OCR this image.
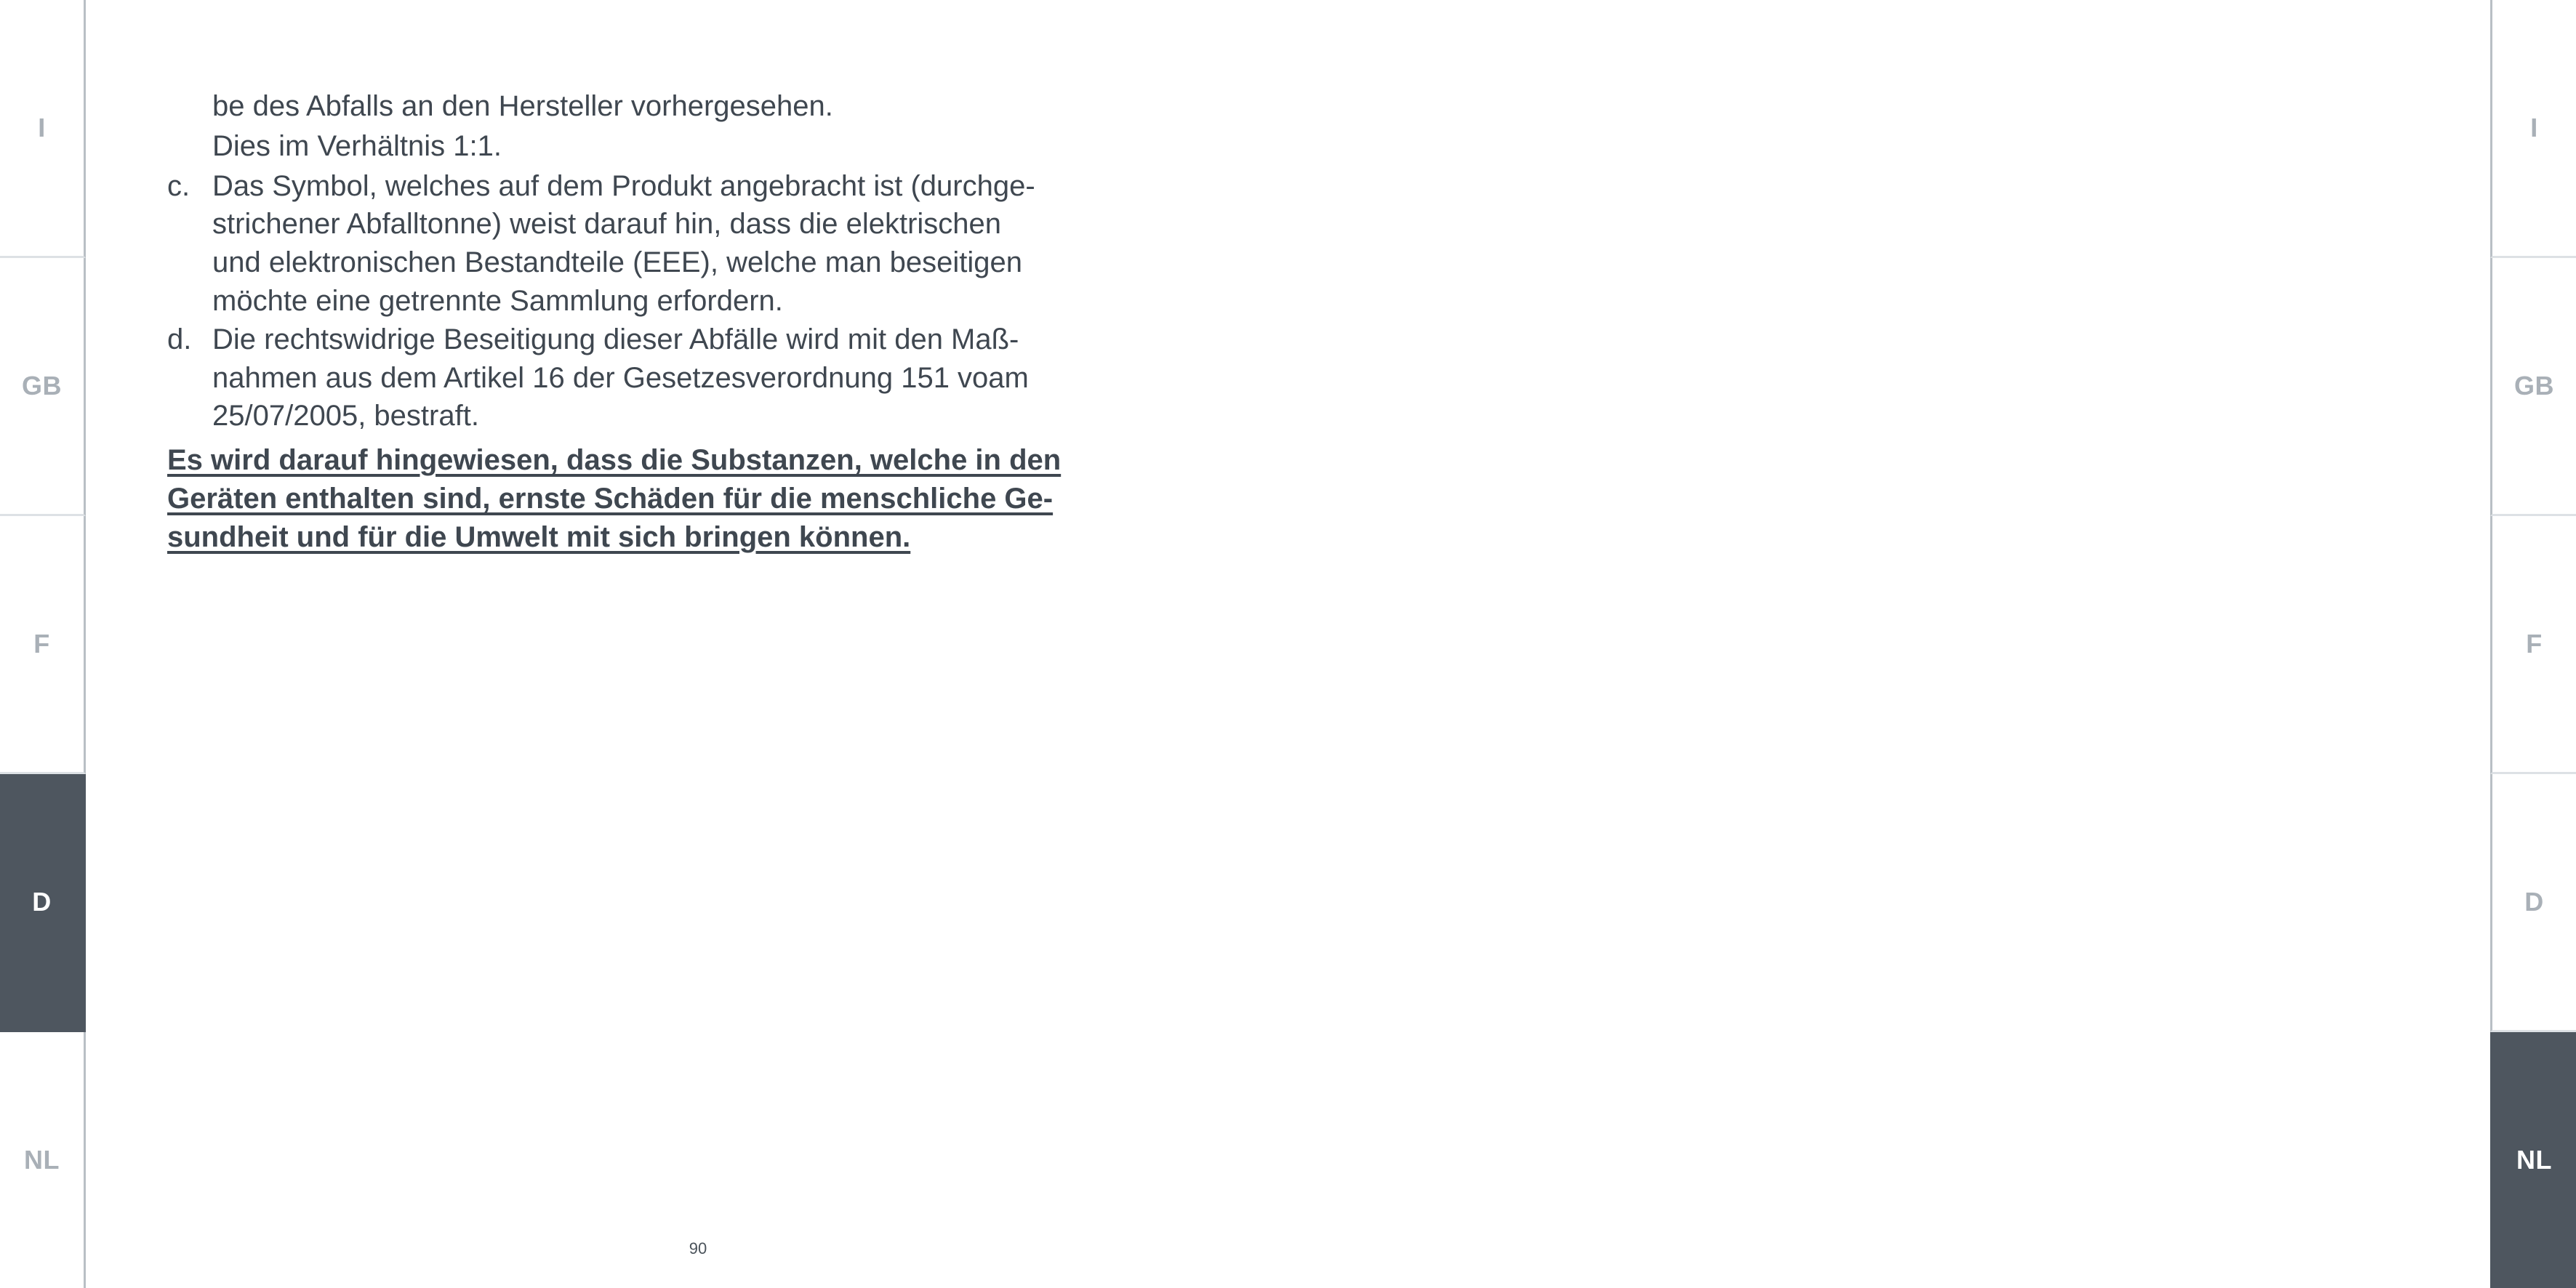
I
GB
F
D
NL
I
GB
F
D
NL
be des Abfalls an den Hersteller vorhergesehen.
Dies im Verhältnis 1:1.
c. Das Symbol, welches auf dem Produkt angebracht ist (durchge-
strichener Abfalltonne) weist darauf hin, dass die elektrischen
und elektronischen Bestandteile (EEE), welche man beseitigen
möchte eine getrennte Sammlung erfordern.
d. Die rechtswidrige Beseitigung dieser Abfälle wird mit den Maß-
nahmen aus dem Artikel 16 der Gesetzesverordnung 151 voam
25/07/2005, bestraft.
Es wird darauf hingewiesen, dass die Substanzen, welche in den
Geräten enthalten sind, ernste Schäden für die menschliche Ge-
sundheit und für die Umwelt mit sich bringen können.
90
